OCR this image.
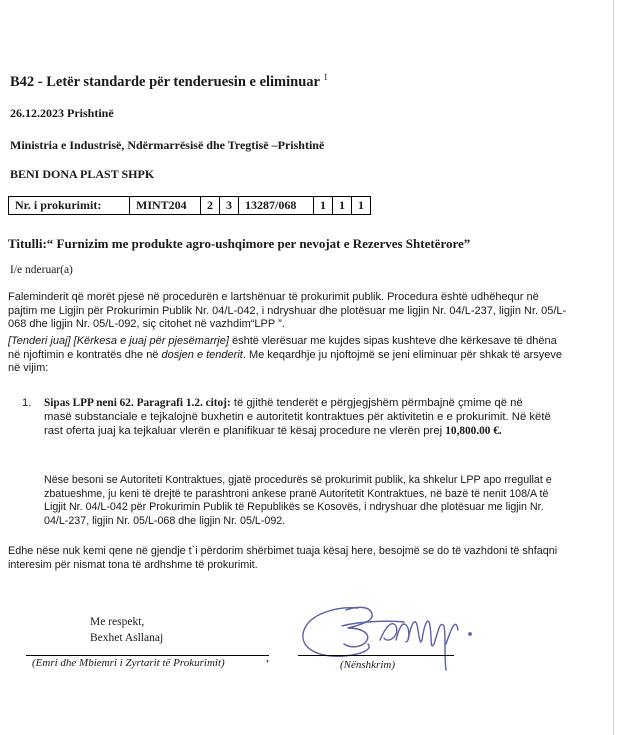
B42 - Letër standarde për tenderuesin e eliminuar $^1$
26.12.2023 Prishtinë
Ministria e Industrisë, Ndërmarrësisë dhe Tregtisë –Prishtinë
BENI DONA PLAST SHPK
Nr. i prokurimit:	MINT204	2	3	13287/068	1	1	1
Titulli:“ Furnizim me produkte agro-ushqimore per nevojat e Rezerves Shtetërore”
I/e nderuar(a)
Faleminderit që morët pjesë në procedurën e lartshënuar të prokurimit publik. Procedura është udhëhequr në pajtim me Ligjin për Prokurimin Publik Nr. 04/L-042, i ndryshuar dhe plotësuar me ligjin Nr. 04/L-237, ligjin Nr. 05/L-068 dhe ligjin Nr. 05/L-092, siç citohet në vazhdim“LPP ”.
[Tenderi juaj] [Kërkesa e juaj për pjesëmarrje] është vlerësuar me kujdes sipas kushteve dhe kërkesave të dhëna në njoftimin e kontratës dhe në dosjen e tenderit. Me keqardhje ju njoftojmë se jeni eliminuar për shkak të arsyeve në vijim:
1.	Sipas LPP neni 62. Paragrafi 1.2. citoj: të gjithë tenderët e përgjegjshëm përmbajnë çmime që në masë substanciale e tejkalojnë buxhetin e autoritetit kontraktues për aktivitetin e e prokurimit. Në këtë rast oferta juaj ka tejkaluar vlerën e planifikuar të kësaj procedure ne vlerën prej 10,800.00 €.
Nëse besoni se Autoriteti Kontraktues, gjatë procedurës së prokurimit publik, ka shkelur LPP apo rregullat e zbatueshme, ju keni të drejtë te parashtroni ankese pranë Autoritetit Kontraktues, në bazë të nenit 108/A të Ligjit Nr. 04/L-042 për Prokurimin Publik të Republikës se Kosovës, i ndryshuar dhe plotësuar me ligjin Nr. 04/L-237, ligjin Nr. 05/L-068 dhe ligjin Nr. 05/L-092.
Edhe nëse nuk kemi qene në gjendje t`i përdorim shërbimet tuaja kësaj here, besojmë se do të vazhdoni të shfaqni interesim për nismat tona të ardhshme të prokurimit.
Me respekt,
Bexhet Asllanaj
,
(Emri dhe Mbiemri i Zyrtarit të Prokurimit)	(Nënshkrim)
